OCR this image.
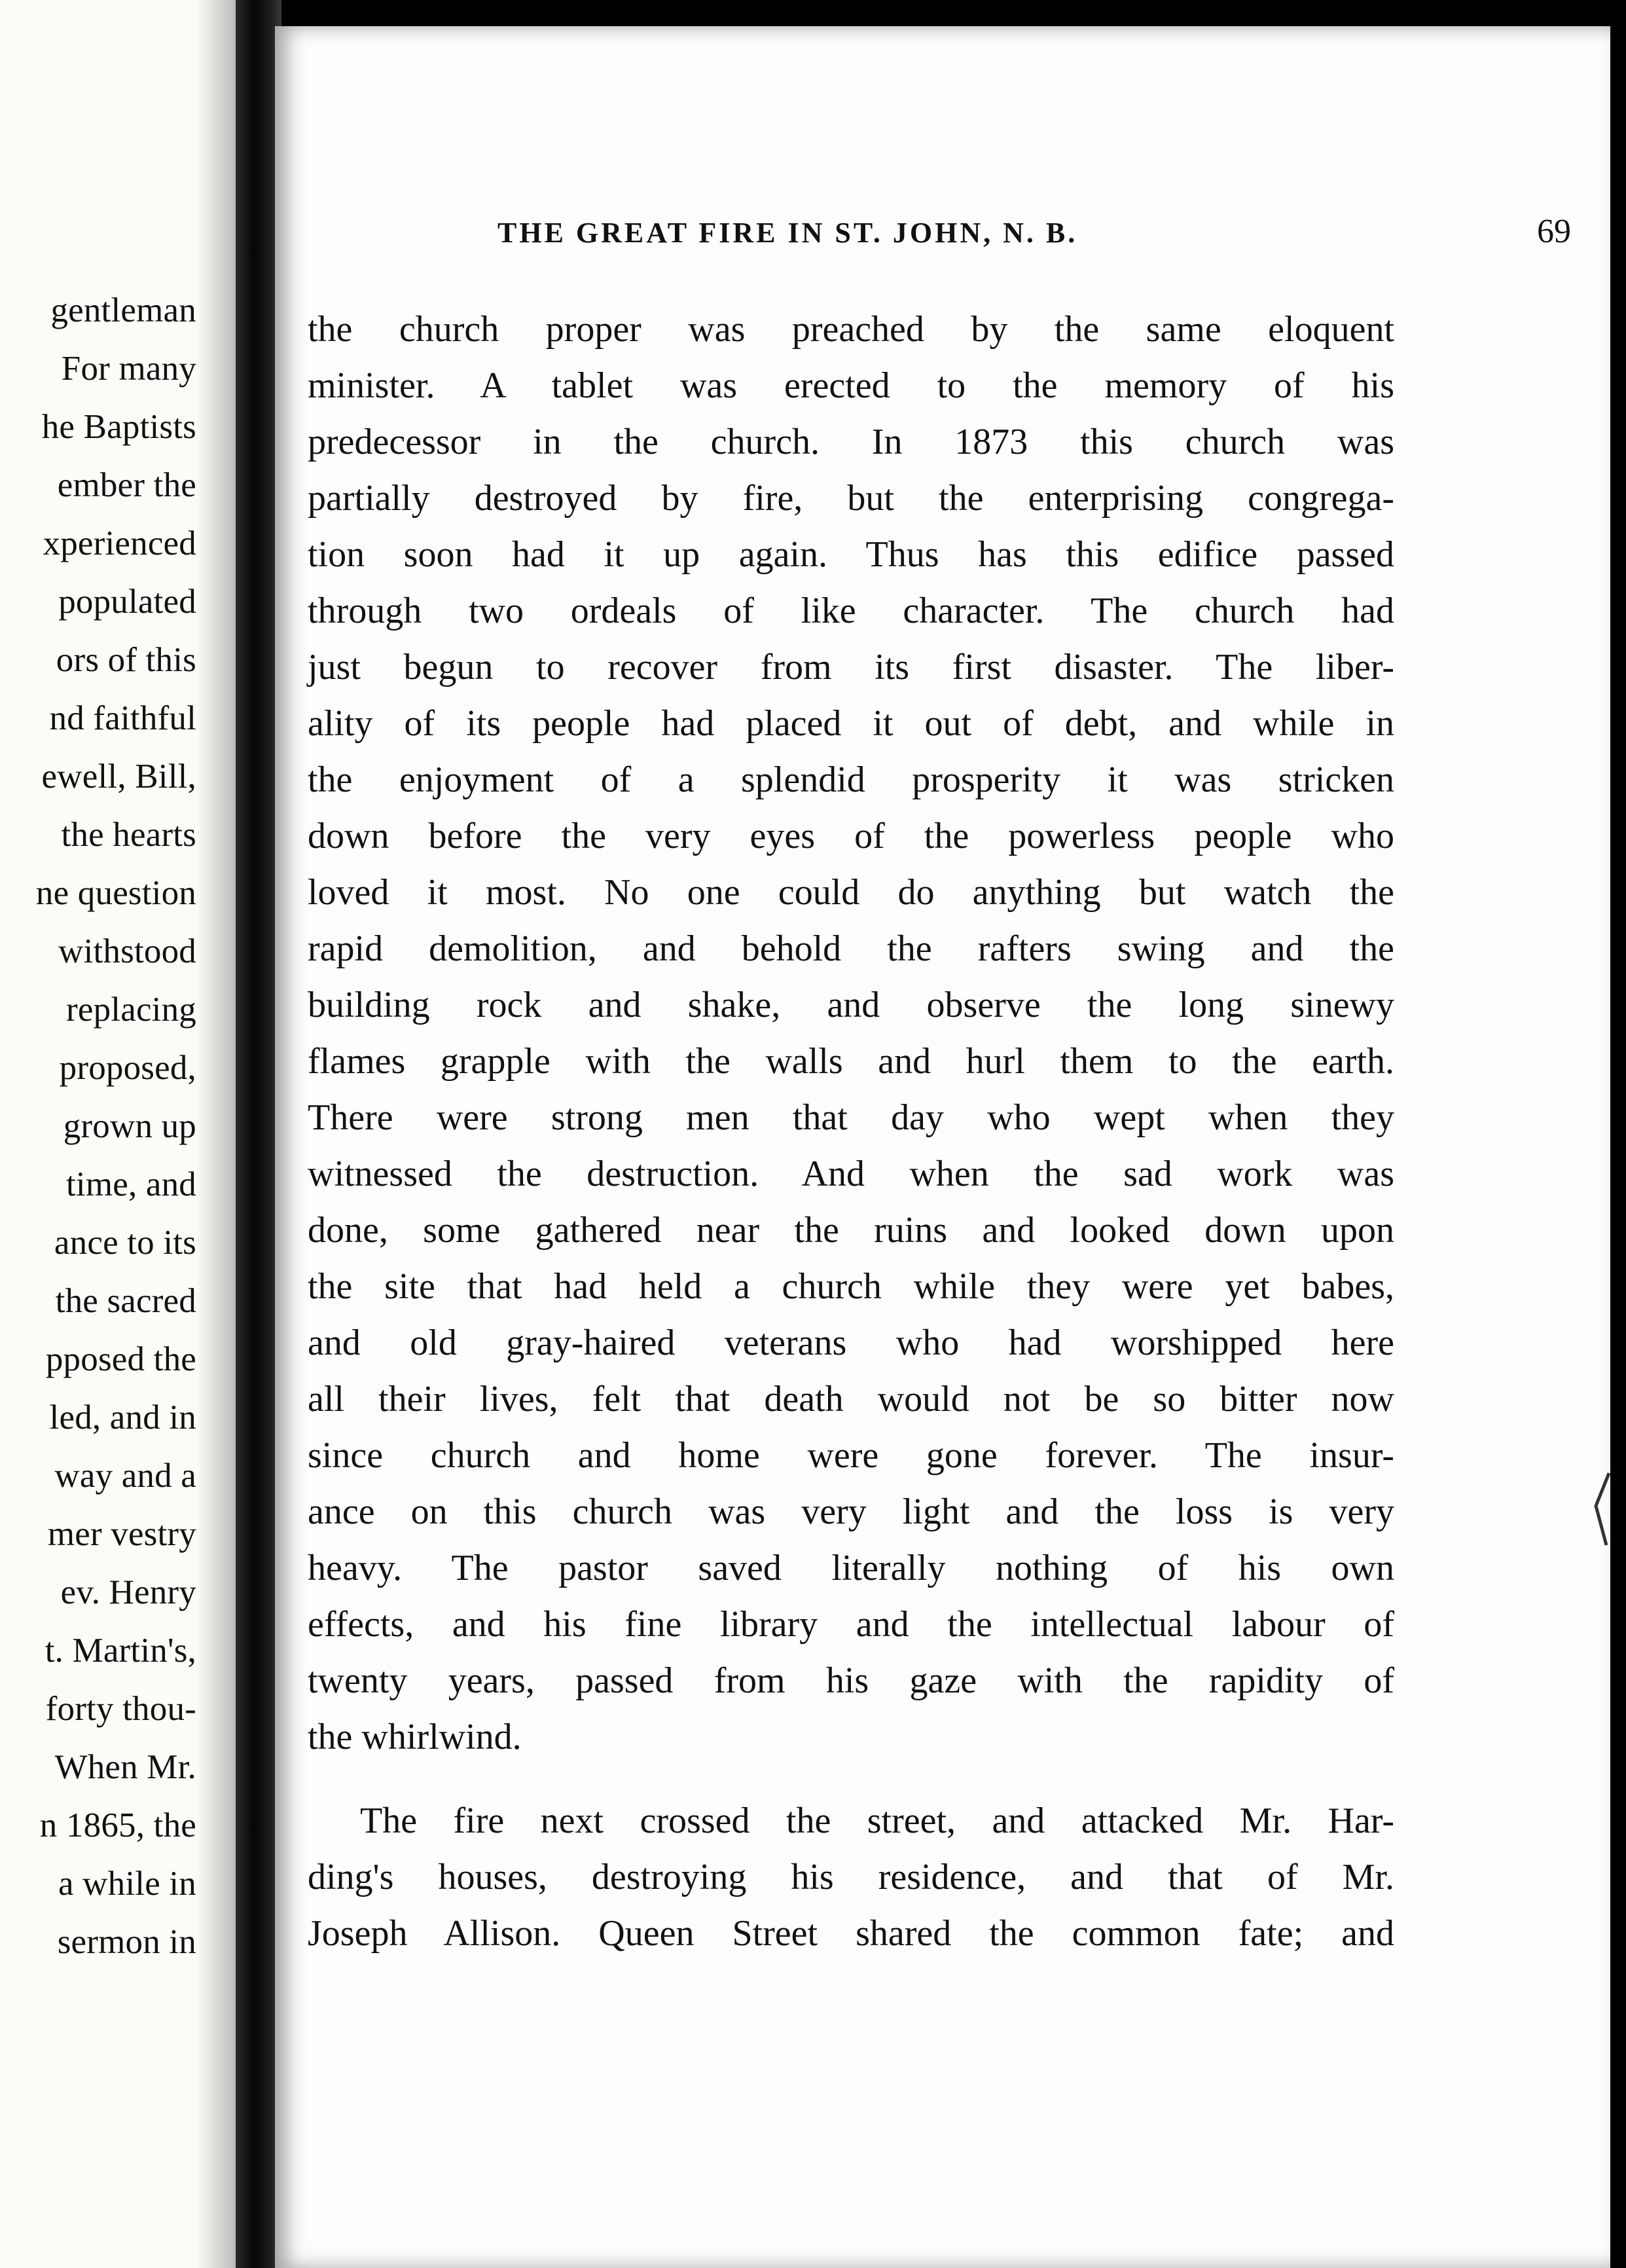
gentleman
For many
he Baptists
ember the
xperienced
populated
ors of this
nd faithful
ewell, Bill,
the hearts
ne question
withstood
replacing
proposed,
grown up
time, and
ance to its
the sacred
pposed the
led, and in
way and a
mer vestry
ev. Henry
t. Martin's,
forty thou-
When Mr.
n 1865, the
a while in
sermon in
THE GREAT FIRE IN ST. JOHN, N. B.	69
the church proper was preached by the same eloquent
minister. A tablet was erected to the memory of his
predecessor in the church. In 1873 this church was
partially destroyed by fire, but the enterprising congrega-
tion soon had it up again. Thus has this edifice passed
through two ordeals of like character. The church had
just begun to recover from its first disaster. The liber-
ality of its people had placed it out of debt, and while in
the enjoyment of a splendid prosperity it was stricken
down before the very eyes of the powerless people who
loved it most. No one could do anything but watch the
rapid demolition, and behold the rafters swing and the
building rock and shake, and observe the long sinewy
flames grapple with the walls and hurl them to the earth.
There were strong men that day who wept when they
witnessed the destruction. And when the sad work was
done, some gathered near the ruins and looked down upon
the site that had held a church while they were yet babes,
and old gray-haired veterans who had worshipped here
all their lives, felt that death would not be so bitter now
since church and home were gone forever. The insur-
ance on this church was very light and the loss is very
heavy. The pastor saved literally nothing of his own
effects, and his fine library and the intellectual labour of
twenty years, passed from his gaze with the rapidity of
the whirlwind.
The fire next crossed the street, and attacked Mr. Har-
ding's houses, destroying his residence, and that of Mr.
Joseph Allison. Queen Street shared the common fate; and
